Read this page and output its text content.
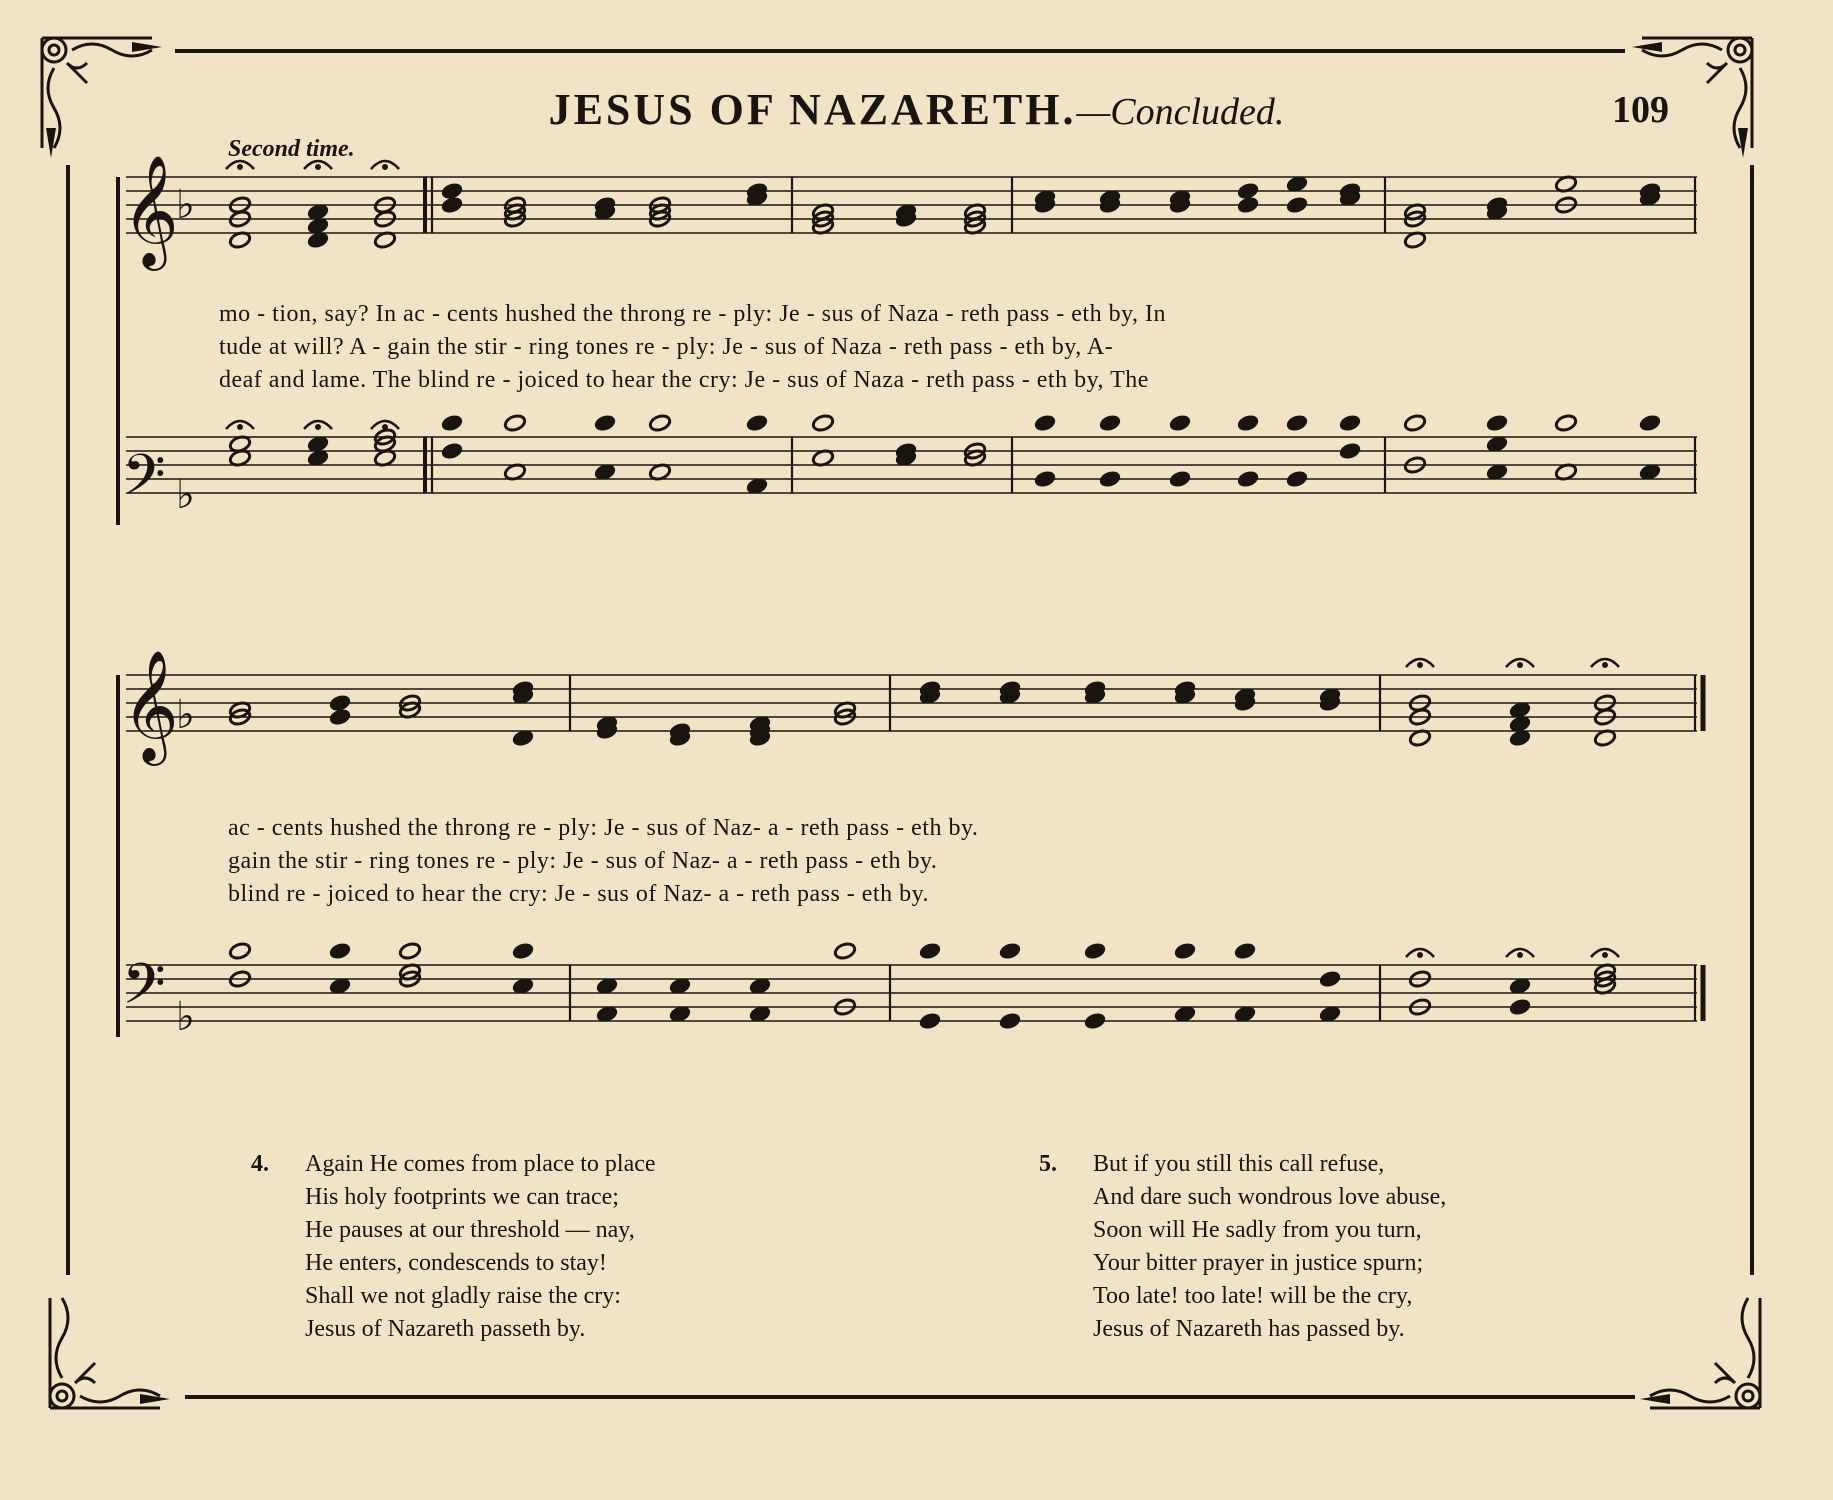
JESUS OF NAZARETH.—Concluded.	109
Second time.
𝄞
𝄢
𝄞
𝄢
♭
♭
♭
♭
mo - tion, say? In ac - cents hushed the throng re - ply: Je - sus of Naza - reth pass - eth by, In
tude at will? A - gain the stir - ring tones re - ply: Je - sus of Naza - reth pass - eth by, A-
deaf and lame. The blind re - joiced to hear the cry: Je - sus of Naza - reth pass - eth by, The
ac - cents hushed the throng re - ply: Je - sus of Naz- a - reth pass - eth by.
gain the stir - ring tones re - ply: Je - sus of Naz- a - reth pass - eth by.
blind re - joiced to hear the cry: Je - sus of Naz- a - reth pass - eth by.
4. Again He comes from place to place
His holy footprints we can trace;
He pauses at our threshold — nay,
He enters, condescends to stay!
Shall we not gladly raise the cry:
Jesus of Nazareth passeth by.
5. But if you still this call refuse,
And dare such wondrous love abuse,
Soon will He sadly from you turn,
Your bitter prayer in justice spurn;
Too late! too late! will be the cry,
Jesus of Nazareth has passed by.
